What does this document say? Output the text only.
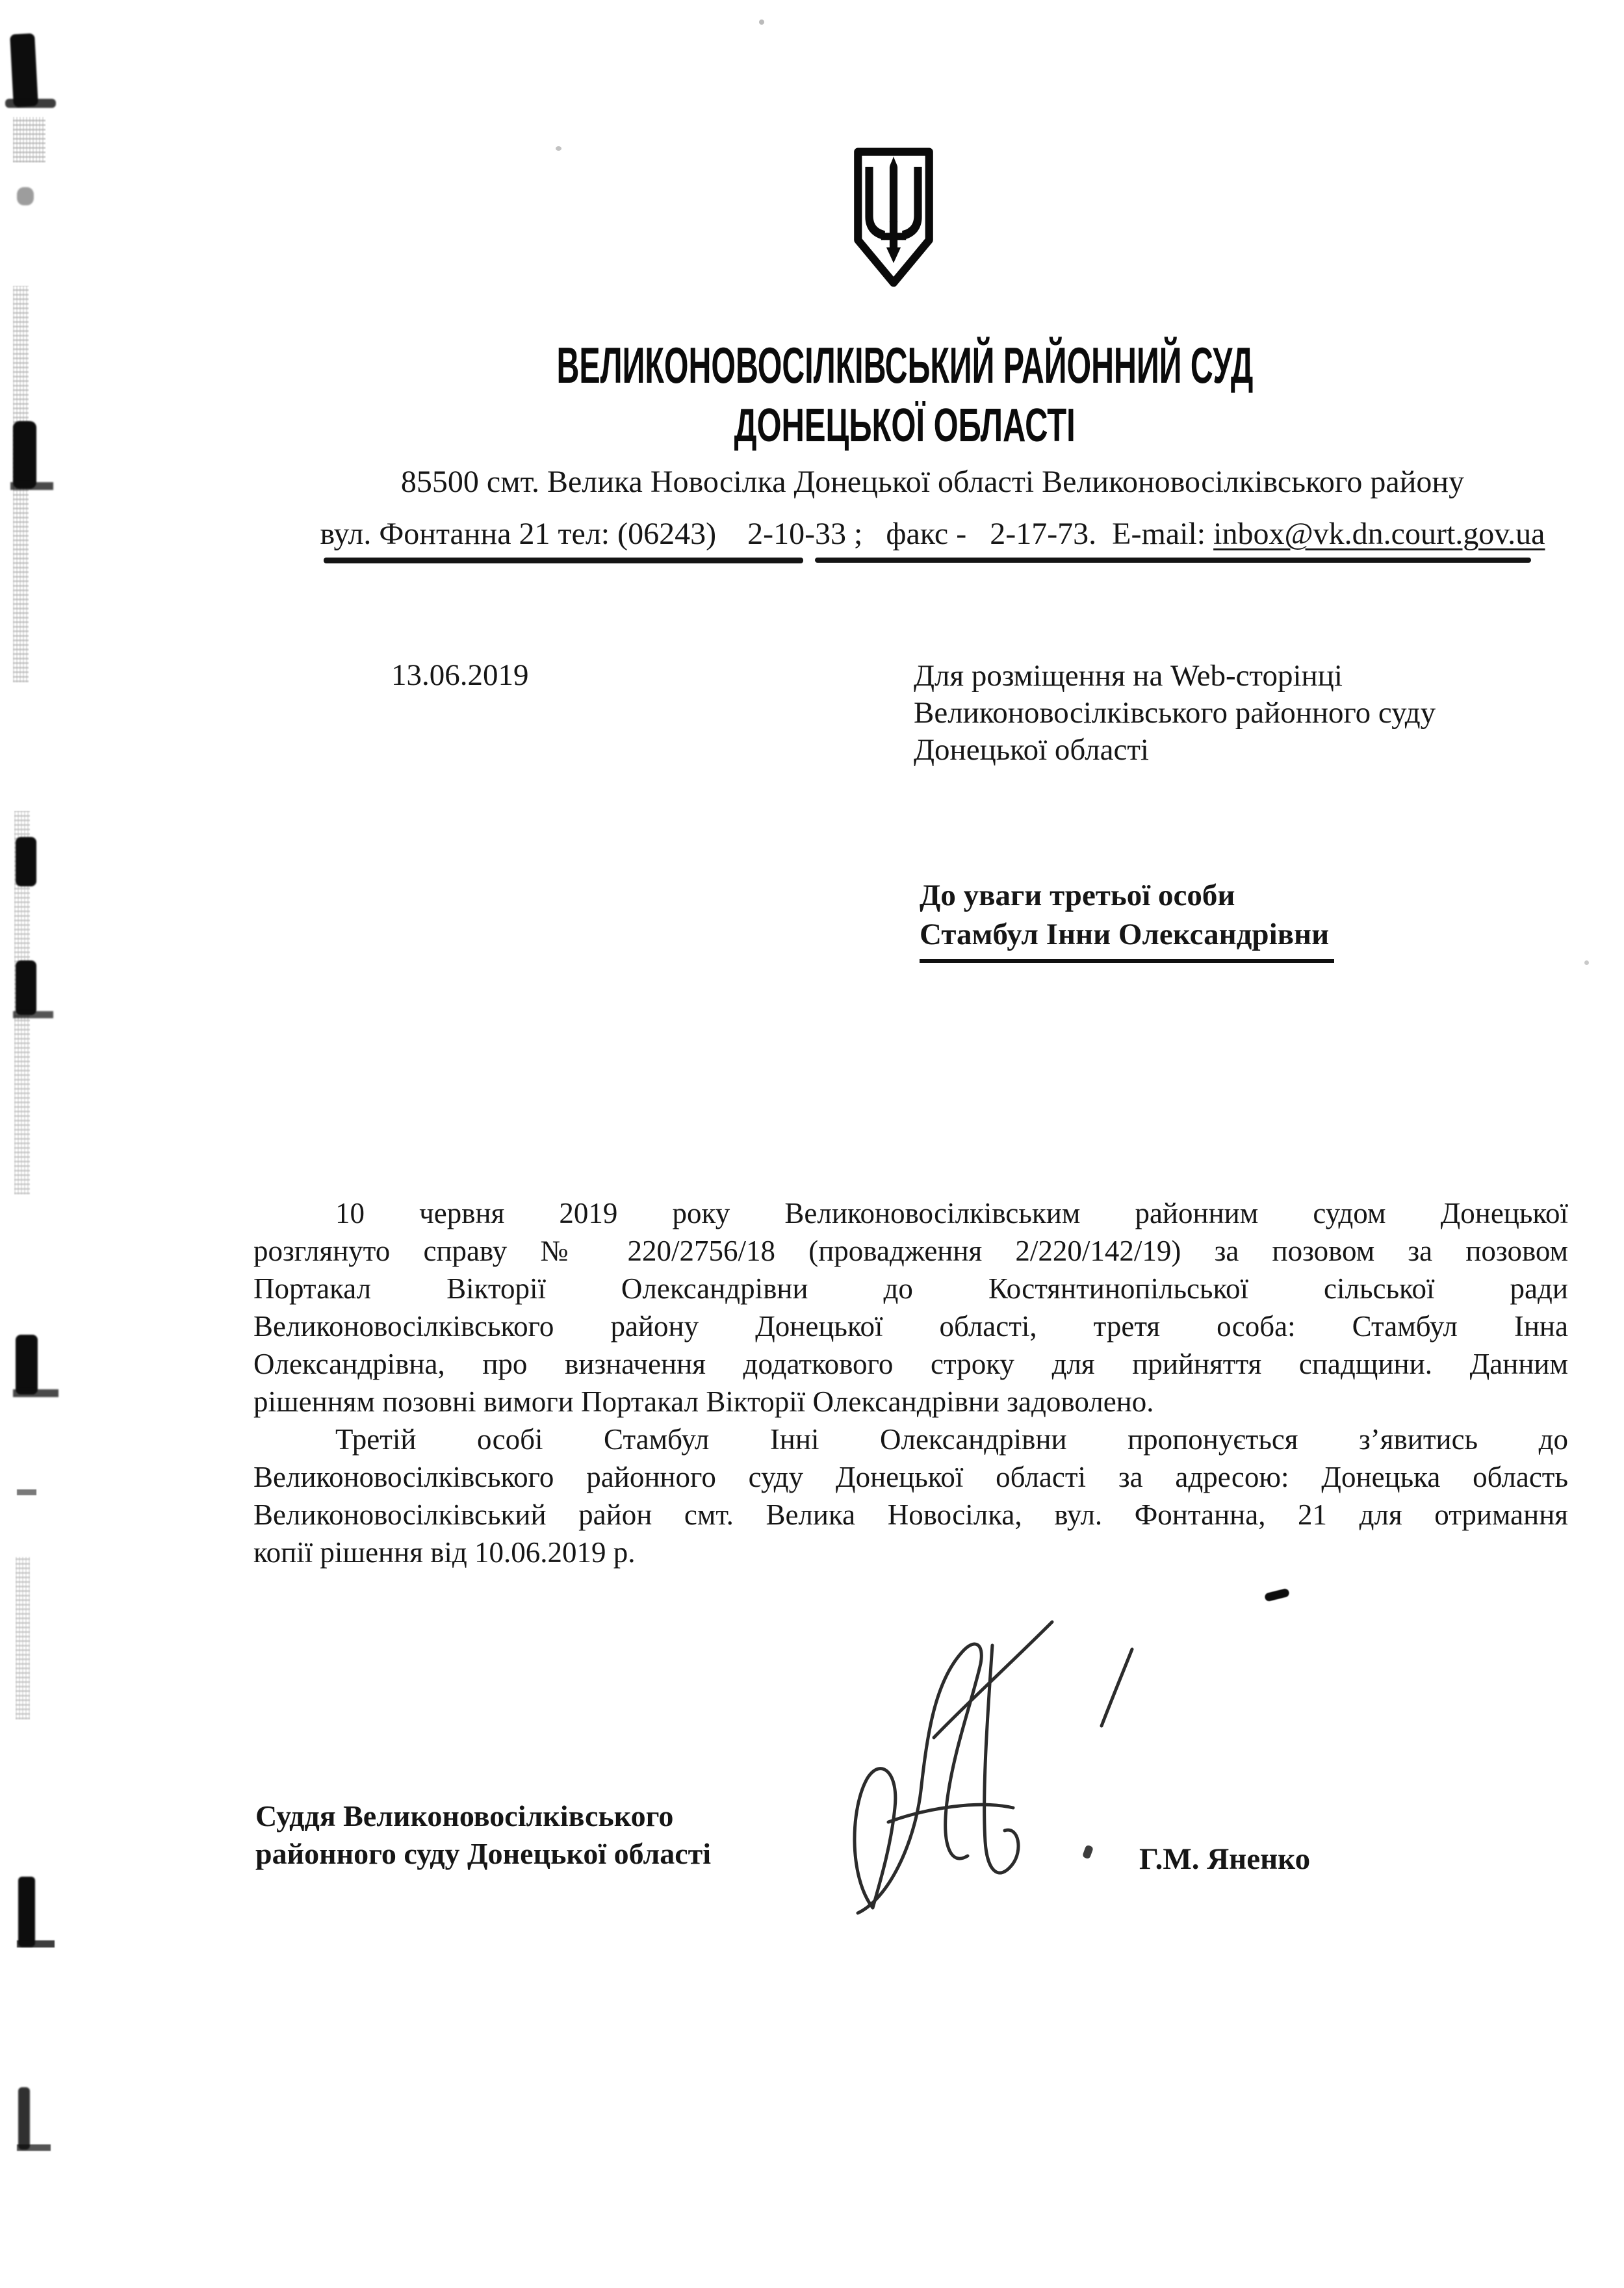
ВЕЛИКОНОВОСІЛКІВСЬКИЙ РАЙОННИЙ СУД
ДОНЕЦЬКОЇ ОБЛАСТІ
85500 смт. Велика Новосілка Донецької області Великоновосілківського району
вул. Фонтанна 21 тел: (06243)    2-10-33 ;   факс -   2-17-73.  E-mail: inbox@vk.dn.court.gov.ua
13.06.2019	Для розміщення на Web-сторінці
Великоновосілківського районного суду
Донецької області
До уваги третьої особи
Стамбул Інни Олександрівни
10 червня 2019 року Великоновосілківським районним судом Донецької
розглянуто справу № 220/2756/18 (провадження 2/220/142/19) за позовом за позовом
Портакал Вікторії Олександрівни до Костянтинопільської сільської ради
Великоновосілківського району Донецької області, третя особа: Стамбул Інна
Олександрівна, про визначення додаткового строку для прийняття спадщини. Данним
рішенням позовні вимоги Портакал Вікторії Олександрівни задоволено.
Третій особі Стамбул Інні Олександрівни пропонується з’явитись до
Великоновосілківського районного суду Донецької області за адресою: Донецька область
Великоновосілківський район смт. Велика Новосілка, вул. Фонтанна, 21 для отримання
копії рішення від 10.06.2019 р.
Суддя Великоновосілківського
районного суду Донецької області	Г.М. Яненко
